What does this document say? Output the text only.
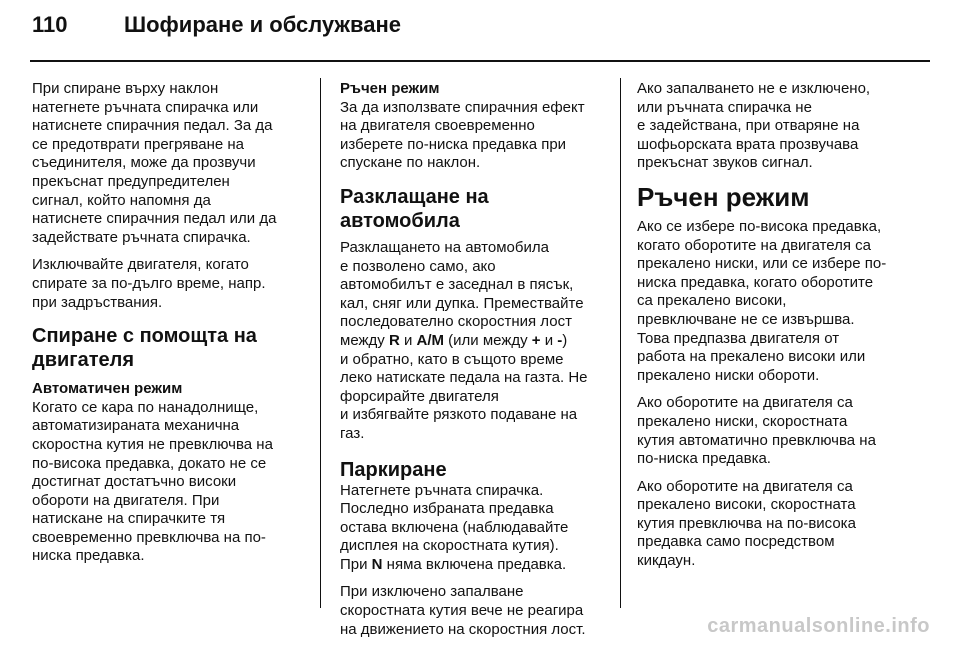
110	Шофиране и обслужване

При спиране върху наклон
натегнете ръчната спирачка или
натиснете спирачния педал. За да
се предотврати прегряване на
съединителя, може да прозвучи
прекъснат предупредителен
сигнал, който напомня да
натиснете спирачния педал или да
задействате ръчната спирачка.

Изключвайте двигателя, когато
спирате за по-дълго време, напр.
при задръствания.

Спиране с помощта на
двигателя
Автоматичен режим

Когато се кара по нанадолнище,
автоматизираната механична
скоростна кутия не превключва на
по-висока предавка, докато не се
достигнат достатъчно високи
обороти на двигателя. При
натискане на спирачките тя
своевременно превключва на по-
ниска предавка.

Ръчен режим

За да използвате спирачния ефект
на двигателя своевременно
изберете по-ниска предавка при
спускане по наклон.

Разклащане на автомобила

Разклащането на автомобила
е позволено само, ако
автомобилът е заседнал в пясък,
кал, сняг или дупка. Премествайте
последователно скоростния лост
между R и A/M (или между + и -)
и обратно, като в същото време
леко натискате педала на газта. Не
форсирайте двигателя
и избягвайте рязкото подаване на
газ.

Паркиране

Натегнете ръчната спирачка.
Последно избраната предавка
остава включена (наблюдавайте
дисплея на скоростната кутия).
При N няма включена предавка.

При изключено запалване
скоростната кутия вече не реагира
на движението на скоростния лост.

Ако запалването не е изключено,
или ръчната спирачка не
е задействана, при отваряне на
шофьорската врата прозвучава
прекъснат звуков сигнал.

Ръчен режим

Ако се избере по-висока предавка,
когато оборотите на двигателя са
прекалено ниски, или се избере по-
ниска предавка, когато оборотите
са прекалено високи,
превключване не се извършва.
Това предпазва двигателя от
работа на прекалено високи или
прекалено ниски обороти.

Ако оборотите на двигателя са
прекалено ниски, скоростната
кутия автоматично превключва на
по-ниска предавка.

Ако оборотите на двигателя са
прекалено високи, скоростната
кутия превключва на по-висока
предавка само посредством
кикдаун.

carmanualsonline.info
